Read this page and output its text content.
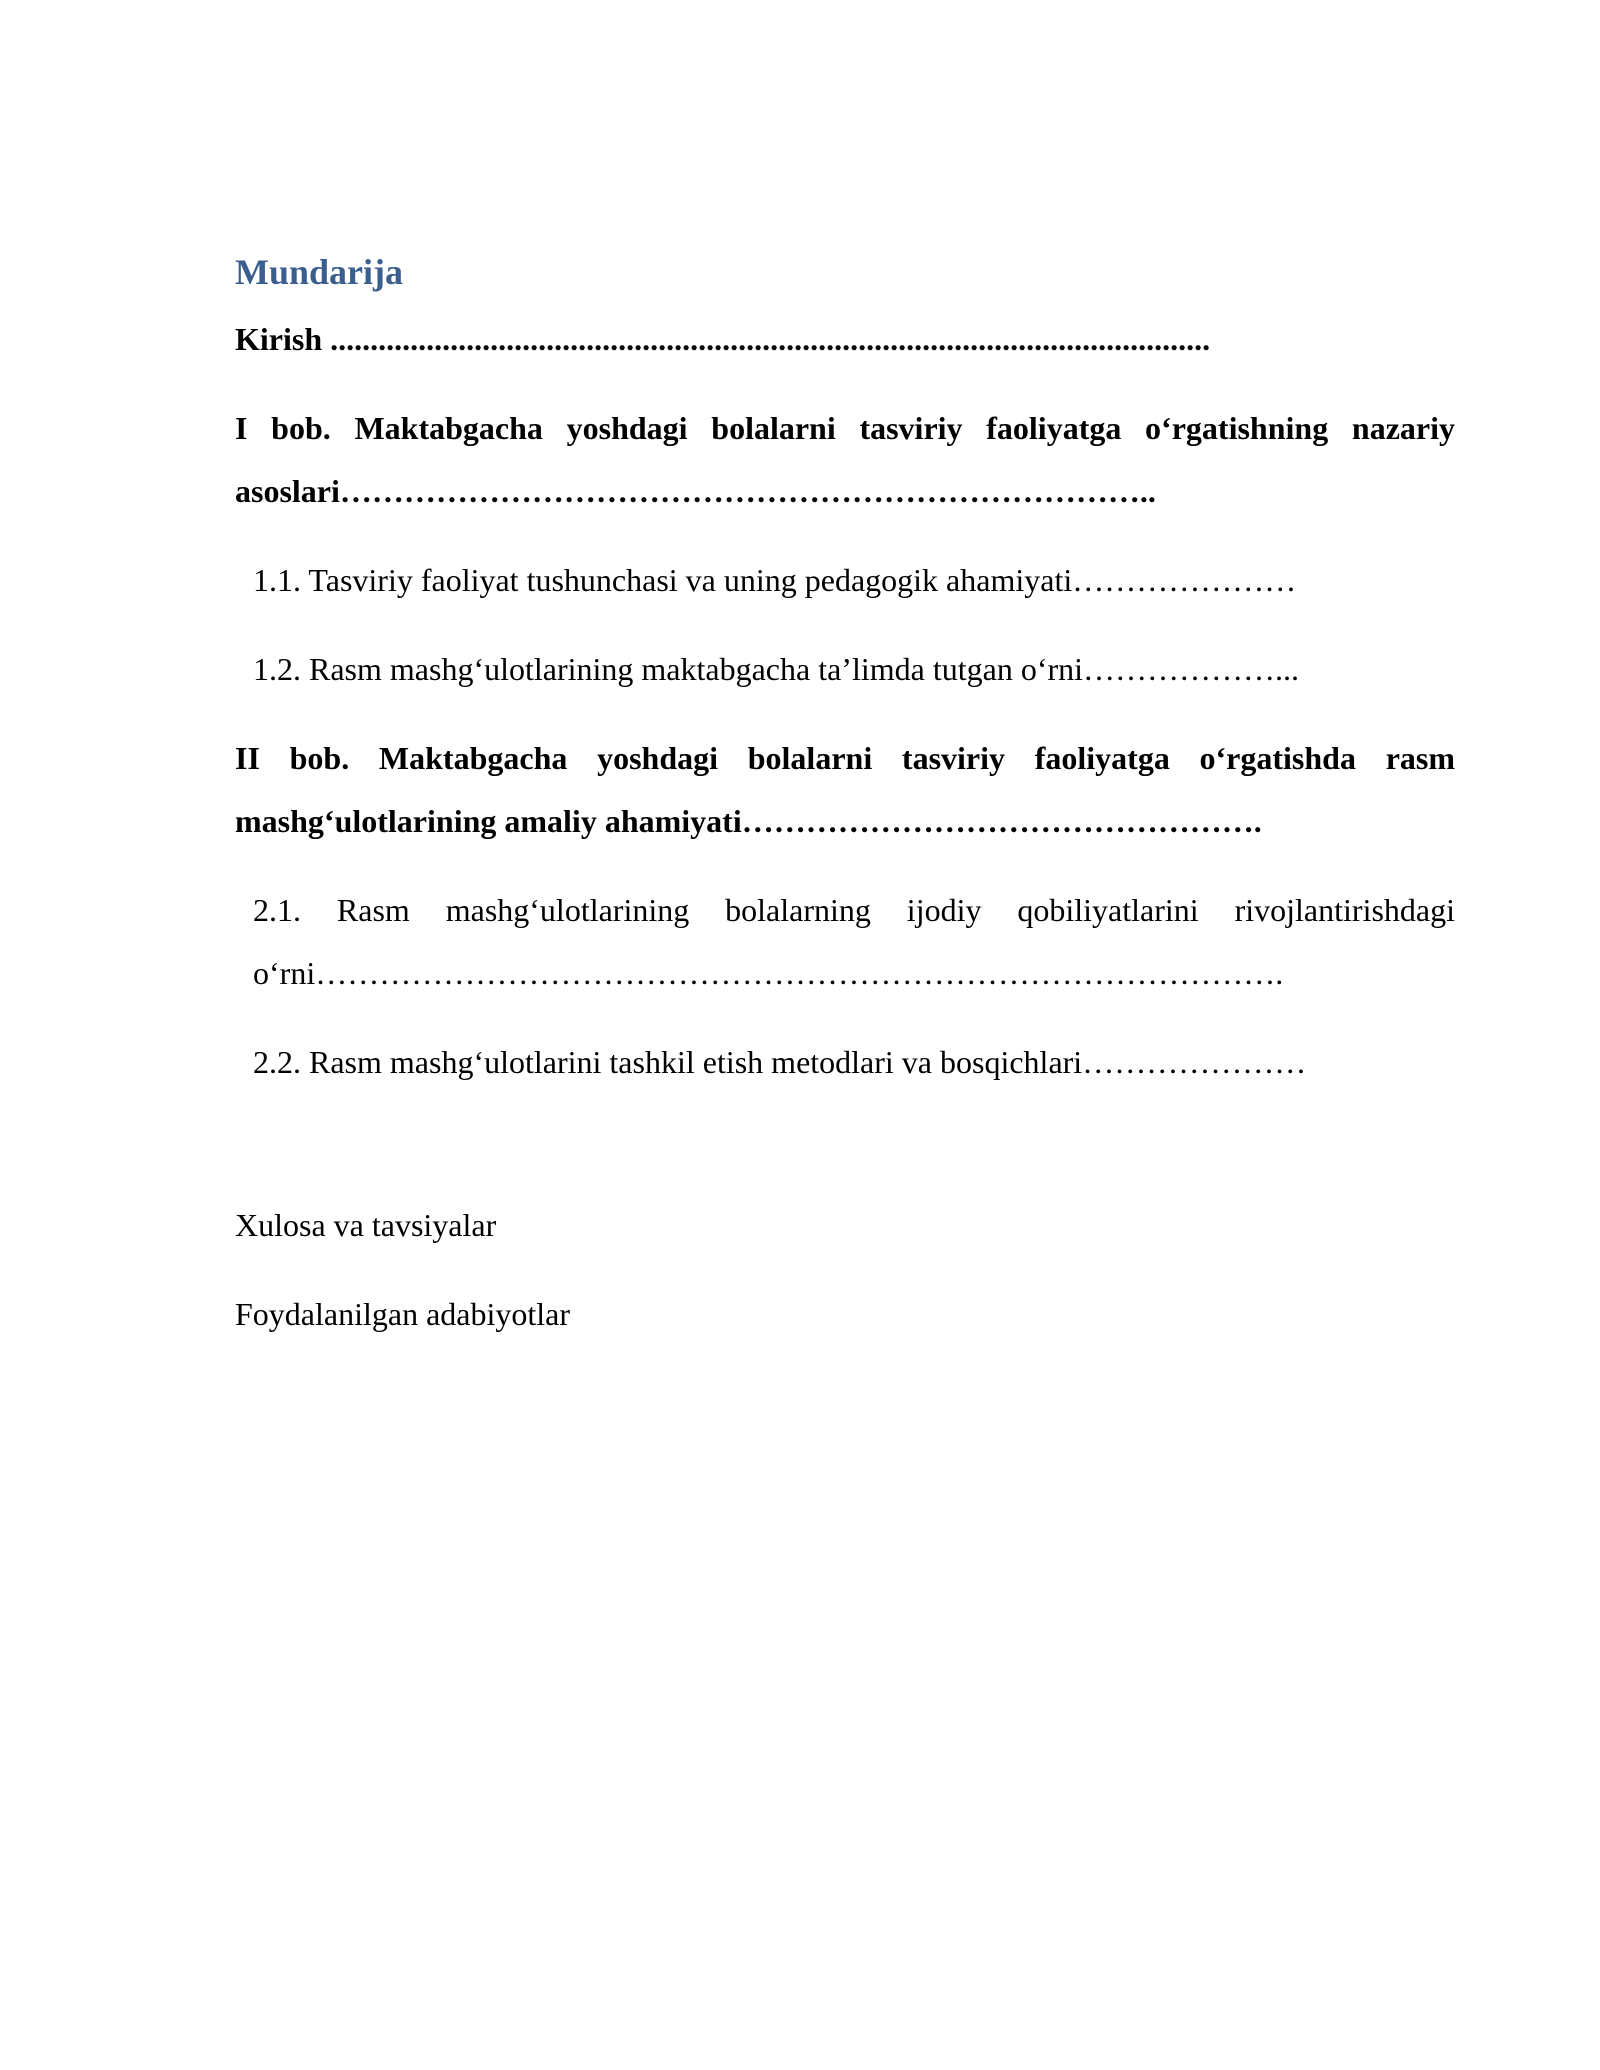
Mundarija

Kirish ..............................................................................................................

I bob. Maktabgacha yoshdagi bolalarni tasviriy faoliyatga o‘rgatishning nazariy asoslari…………………………………………………………………..

1.1. Tasviriy faoliyat tushunchasi va uning pedagogik ahamiyati…………………

1.2. Rasm mashg‘ulotlarining maktabgacha ta’limda tutgan o‘rni………………...

II bob. Maktabgacha yoshdagi bolalarni tasviriy faoliyatga o‘rgatishda rasm mashg‘ulotlarining amaliy ahamiyati………………………………………….

2.1. Rasm mashg‘ulotlarining bolalarning ijodiy qobiliyatlarini rivojlantirishdagi o‘rni……………………………………………………………………………….

2.2. Rasm mashg‘ulotlarini tashkil etish metodlari va bosqichlari…………………

Xulosa va tavsiyalar

Foydalanilgan adabiyotlar
